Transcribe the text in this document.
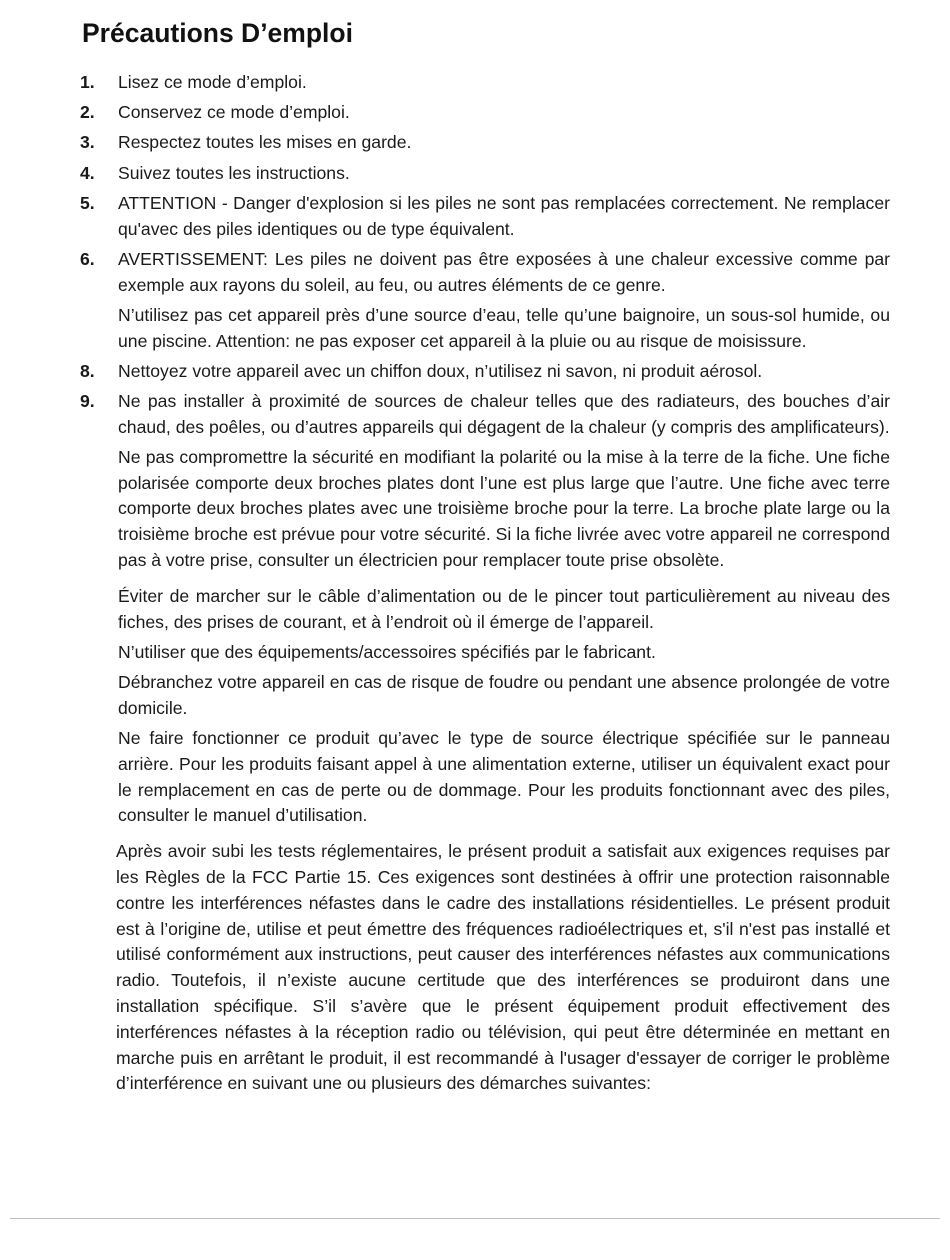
Précautions D’emploi
1.	Lisez ce mode d’emploi.
2.	Conservez ce mode d’emploi.
3.	Respectez toutes les mises en garde.
4.	Suivez toutes les instructions.
5.	ATTENTION - Danger d'explosion si les piles ne sont pas remplacées correctement. Ne remplacer qu'avec des piles identiques ou de type équivalent.
6.	AVERTISSEMENT: Les piles ne doivent pas être exposées à une chaleur excessive comme par exemple aux rayons du soleil, au feu, ou autres éléments de ce genre.
N’utilisez pas cet appareil près d’une source d’eau, telle qu’une baignoire, un sous-sol humide, ou une piscine. Attention: ne pas exposer cet appareil à la pluie ou au risque de moisissure.
8.	Nettoyez votre appareil avec un chiffon doux, n’utilisez ni savon, ni produit aérosol.
9.	Ne pas installer à proximité de sources de chaleur telles que des radiateurs, des bouches d’air chaud, des poêles, ou d’autres appareils qui dégagent de la chaleur (y compris des amplificateurs).
Ne pas compromettre la sécurité en modifiant la polarité ou la mise à la terre de la fiche. Une fiche polarisée comporte deux broches plates dont l’une est plus large que l’autre. Une fiche avec terre comporte deux broches plates avec une troisième broche pour la terre. La broche plate large ou la troisième broche est prévue pour votre sécurité. Si la fiche livrée avec votre appareil ne correspond pas à votre prise, consulter un électricien pour remplacer toute prise obsolète.
Éviter de marcher sur le câble d’alimentation ou de le pincer tout particulièrement au niveau des fiches, des prises de courant, et à l’endroit où il émerge de l’appareil.
N’utiliser que des équipements/accessoires spécifiés par le fabricant.
Débranchez votre appareil en cas de risque de foudre ou pendant une absence prolongée de votre domicile.
Ne faire fonctionner ce produit qu’avec le type de source électrique spécifiée sur le panneau arrière. Pour les produits faisant appel à une alimentation externe, utiliser un équivalent exact pour le remplacement en cas de perte ou de dommage. Pour les produits fonctionnant avec des piles, consulter le manuel d’utilisation.
Après avoir subi les tests réglementaires, le présent produit a satisfait aux exigences requises par les Règles de la FCC Partie 15. Ces exigences sont destinées à offrir une protection raisonnable contre les interférences néfastes dans le cadre des installations résidentielles. Le présent produit est à l’origine de, utilise et peut émettre des fréquences radioélectriques et, s'il n'est pas installé et utilisé conformément aux instructions, peut causer des interférences néfastes aux communications radio. Toutefois, il n’existe aucune certitude que des interférences se produiront dans une installation spécifique. S’il s’avère que le présent équipement produit effectivement des interférences néfastes à la réception radio ou télévision, qui peut être déterminée en mettant en marche puis en arrêtant le produit, il est recommandé à l'usager d'essayer de corriger le problème d’interférence en suivant une ou plusieurs des démarches suivantes:
